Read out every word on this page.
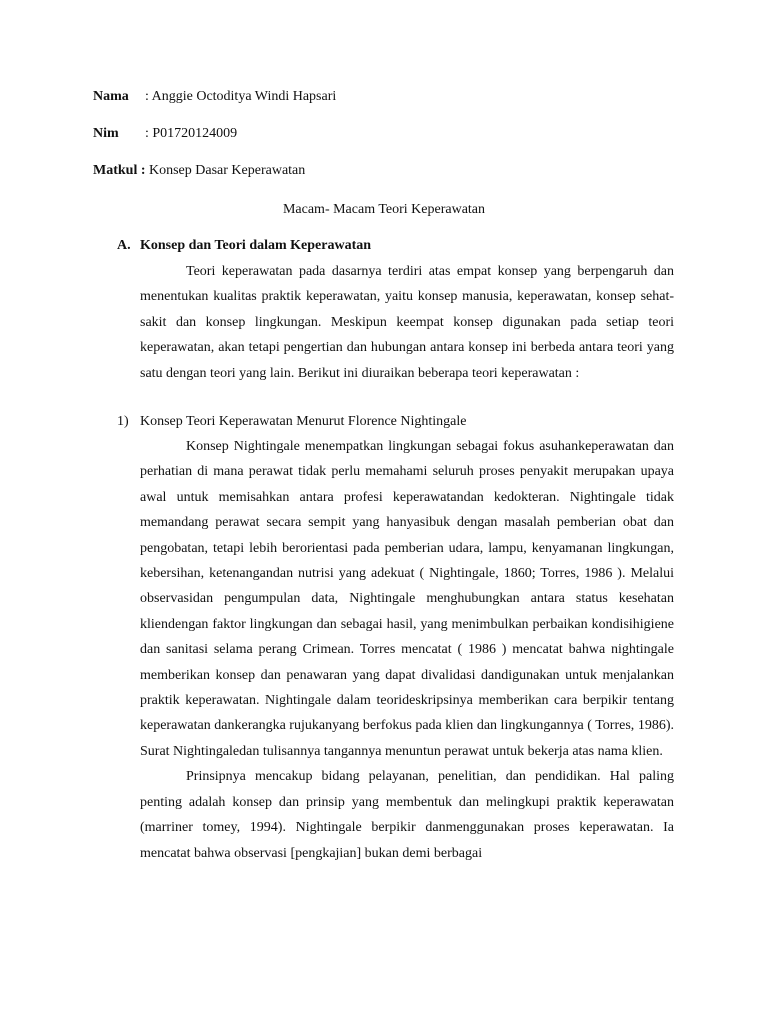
Nama : Anggie Octoditya Windi Hapsari
Nim : P01720124009
Matkul : Konsep Dasar Keperawatan
Macam- Macam Teori Keperawatan
A. Konsep dan Teori dalam Keperawatan

Teori keperawatan pada dasarnya terdiri atas empat konsep yang berpengaruh dan menentukan kualitas praktik keperawatan, yaitu konsep manusia, keperawatan, konsep sehat-sakit dan konsep lingkungan. Meskipun keempat konsep digunakan pada setiap teori keperawatan, akan tetapi pengertian dan hubungan antara konsep ini berbeda antara teori yang satu dengan teori yang lain. Berikut ini diuraikan beberapa teori keperawatan :

1) Konsep Teori Keperawatan Menurut Florence Nightingale

Konsep Nightingale menempatkan lingkungan sebagai fokus asuhankeperawatan dan perhatian di mana perawat tidak perlu memahami seluruh proses penyakit merupakan upaya awal untuk memisahkan antara profesi keperawatandan kedokteran. Nightingale tidak memandang perawat secara sempit yang hanyasibuk dengan masalah pemberian obat dan pengobatan, tetapi lebih berorientasi pada pemberian udara, lampu, kenyamanan lingkungan, kebersihan, ketenangandan nutrisi yang adekuat ( Nightingale, 1860; Torres, 1986 ). Melalui observasidan pengumpulan data, Nightingale menghubungkan antara status kesehatan kliendengan faktor lingkungan dan sebagai hasil, yang menimbulkan perbaikan kondisihigiene dan sanitasi selama perang Crimean. Torres mencatat ( 1986 ) mencatat bahwa nightingale memberikan konsep dan penawaran yang dapat divalidasi dandigunakan untuk menjalankan praktik keperawatan. Nightingale dalam teorideskripsinya memberikan cara berpikir tentang keperawatan dankerangka rujukanyang berfokus pada klien dan lingkungannya ( Torres, 1986). Surat Nightingaledan tulisannya tangannya menuntun perawat untuk bekerja atas nama klien.

Prinsipnya mencakup bidang pelayanan, penelitian, dan pendidikan. Hal paling penting adalah konsep dan prinsip yang membentuk dan melingkupi praktik keperawatan (marriner tomey, 1994). Nightingale berpikir danmenggunakan proses keperawatan. Ia mencatat bahwa observasi [pengkajian] bukan demi berbagai
